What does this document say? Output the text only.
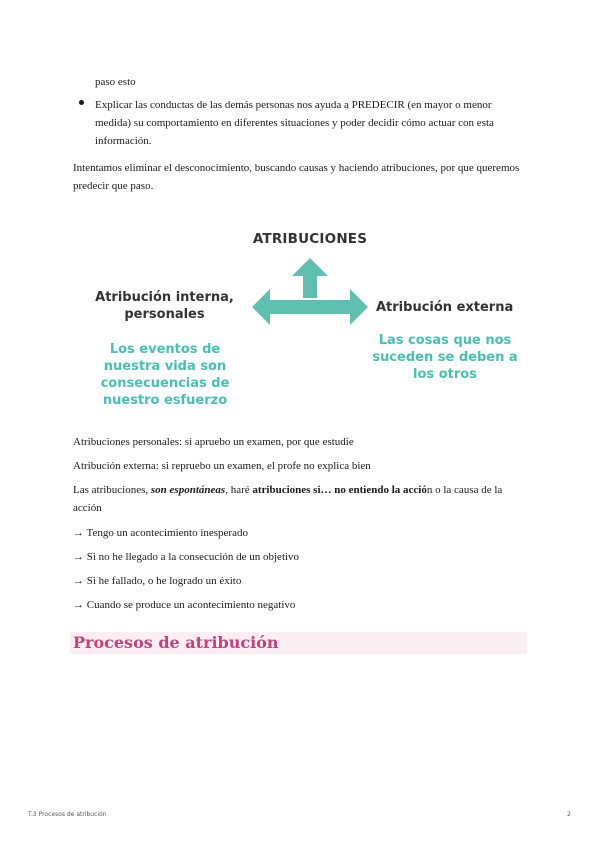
paso esto

Explicar las conductas de las demás personas nos ayuda a PREDECIR (en mayor o menor medida) su comportamiento en diferentes situaciones y poder decidir cómo actuar con esta información.

Intentamos eliminar el desconocimiento, buscando causas y haciendo atribuciones, por que queremos predecir que paso.

ATRIBUCIONES
Atribución interna, personales	Atribución externa
Los eventos de nuestra vida son consecuencias de nuestro esfuerzo
Las cosas que nos suceden se deben a los otros

Atribuciones personales: si apruebo un examen, por que estudie

Atribución externa: si repruebo un examen, el profe no explica bien

Las atribuciones, son espontáneas, haré atribuciones si… no entiendo la acción o la causa de la acción

→ Tengo un acontecimiento inesperado

→ Si no he llegado a la consecución de un objetivo

→ Si he fallado, o he logrado un éxito

→ Cuando se produce un acontecimiento negativo

Procesos de atribución
T.3 Procesos de atribución	2
